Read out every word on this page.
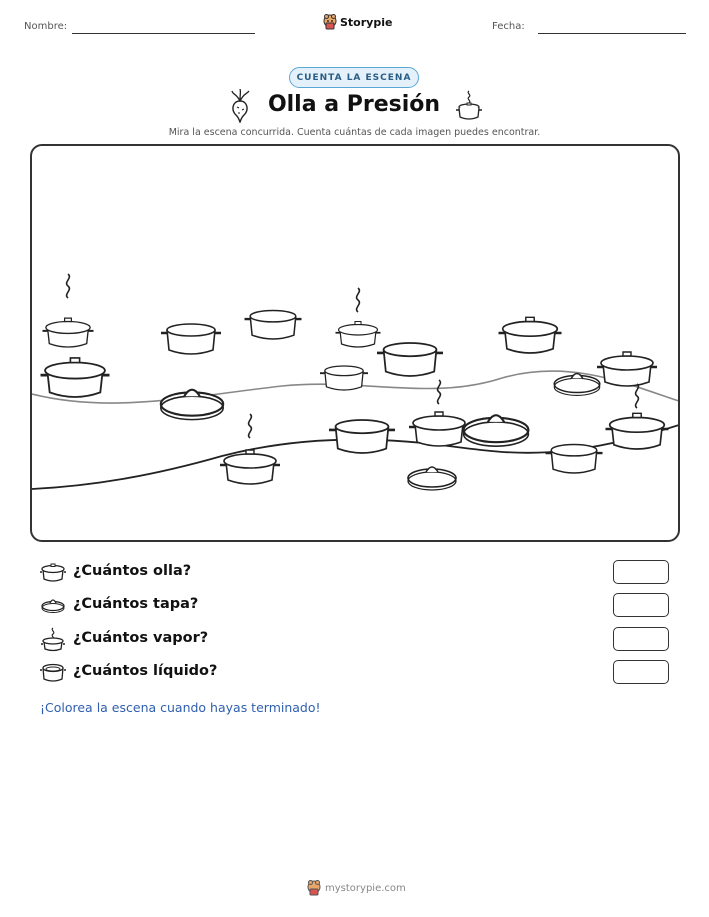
Nombre:	Storypie	Fecha:
CUENTA LA ESCENA
Olla a Presión
Mira la escena concurrida. Cuenta cuántas de cada imagen puedes encontrar.
¿Cuántos olla?
¿Cuántos tapa?
¿Cuántos vapor?
¿Cuántos líquido?
¡Colorea la escena cuando hayas terminado!
mystorypie.com
